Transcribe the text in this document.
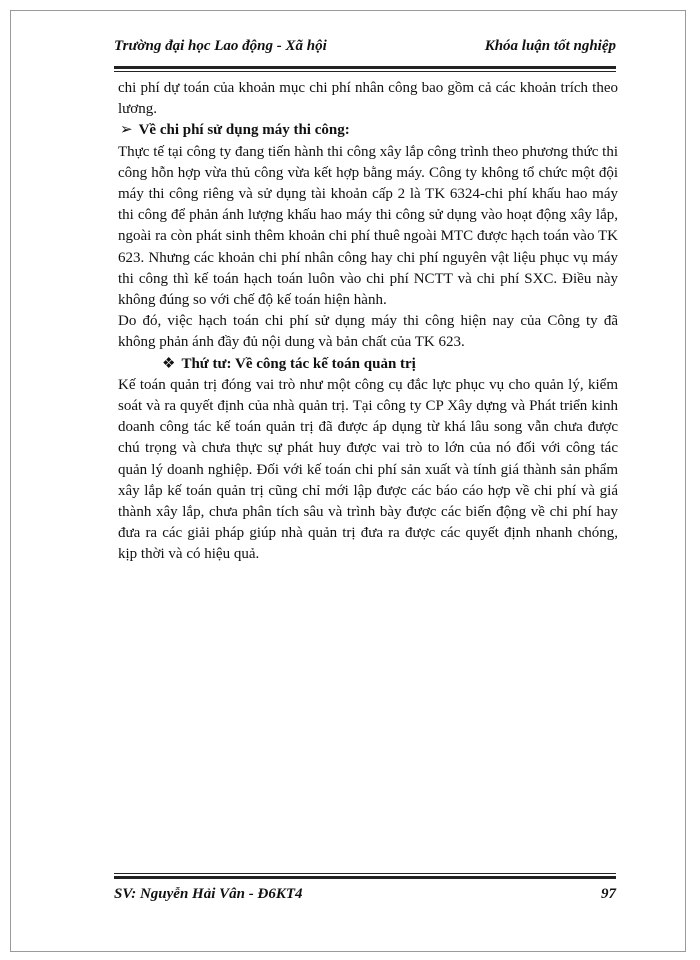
Trường đại học Lao động - Xã hội	Khóa luận tốt nghiệp

chi phí dự toán của khoản mục chi phí nhân công bao gồm cả các khoản trích theo lương.

➢ Về chi phí sử dụng máy thi công:

Thực tế tại công ty đang tiến hành thi công xây lắp công trình theo phương thức thi công hỗn hợp vừa thủ công vừa kết hợp bằng máy. Công ty không tổ chức một đội máy thi công riêng và sử dụng tài khoản cấp 2 là TK 6324-chi phí khấu hao máy thi công để phản ánh lượng khấu hao máy thi công sử dụng vào hoạt động xây lắp, ngoài ra còn phát sinh thêm khoản chi phí thuê ngoài MTC được hạch toán vào TK 623. Nhưng các khoản chi phí nhân công hay chi phí nguyên vật liệu phục vụ máy thi công thì kế toán hạch toán luôn vào chi phí NCTT và chi phí SXC. Điều này không đúng so với chế độ kế toán hiện hành.

Do đó, việc hạch toán chi phí sử dụng máy thi công hiện nay của Công ty đã không phản ánh đầy đủ nội dung và bản chất của TK 623.

❖ Thứ tư: Về công tác kế toán quản trị

Kế toán quản trị đóng vai trò như một công cụ đắc lực phục vụ cho quản lý, kiểm soát và ra quyết định của nhà quản trị. Tại công ty CP Xây dựng và Phát triển kinh doanh công tác kế toán quản trị đã được áp dụng từ khá lâu song vẫn chưa được chú trọng và chưa thực sự phát huy được vai trò to lớn của nó đối với công tác quản lý doanh nghiệp. Đối với kế toán chi phí sản xuất và tính giá thành sản phẩm xây lắp kế toán quản trị cũng chỉ mới lập được các báo cáo hợp về chi phí và giá thành xây lắp, chưa phân tích sâu và trình bày được các biến động về chi phí hay đưa ra các giải pháp giúp nhà quản trị đưa ra được các quyết định nhanh chóng, kịp thời và có hiệu quả.

SV: Nguyễn Hải Vân - Đ6KT4	97
